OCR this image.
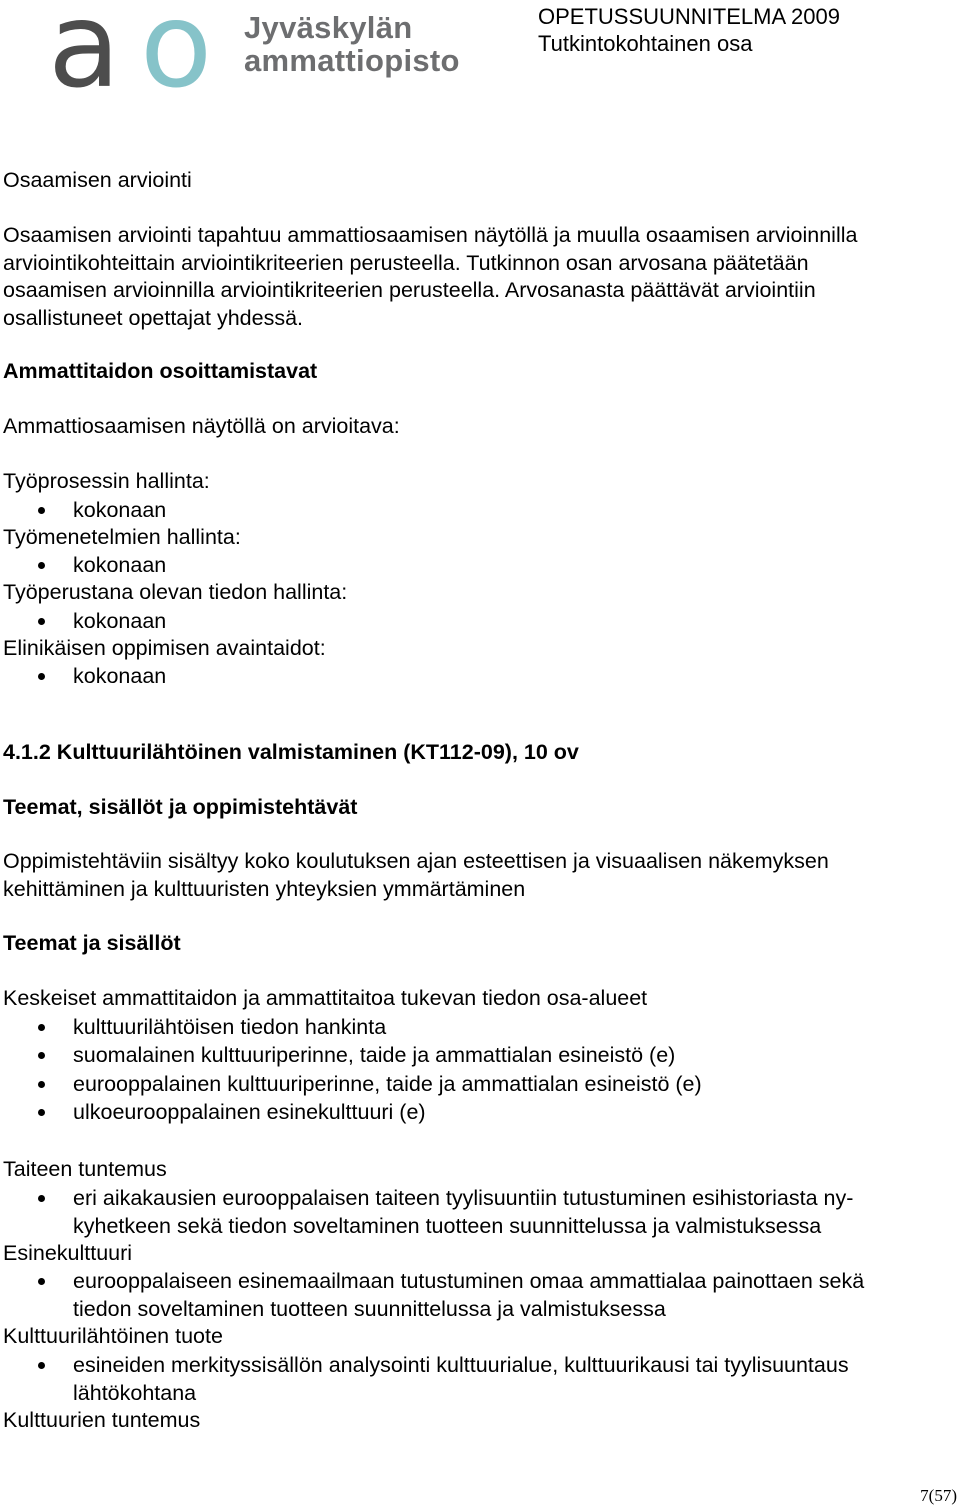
a o Jyväskylän
ammattiopisto
OPETUSSUUNNITELMA 2009
Tutkintokohtainen osa
Osaamisen arviointi
Osaamisen arviointi tapahtuu ammattiosaamisen näytöllä ja muulla osaamisen arvioinnilla
arviointikohteittain arviointikriteerien perusteella. Tutkinnon osan arvosana päätetään
osaamisen arvioinnilla arviointikriteerien perusteella. Arvosanasta päättävät arviointiin
osallistuneet opettajat yhdessä.
Ammattitaidon osoittamistavat
Ammattiosaamisen näytöllä on arvioitava:
Työprosessin hallinta:
kokonaan
Työmenetelmien hallinta:
kokonaan
Työperustana olevan tiedon hallinta:
kokonaan
Elinikäisen oppimisen avaintaidot:
kokonaan
4.1.2 Kulttuurilähtöinen valmistaminen (KT112-09), 10 ov
Teemat, sisällöt ja oppimistehtävät
Oppimistehtäviin sisältyy koko koulutuksen ajan esteettisen ja visuaalisen näkemyksen
kehittäminen ja kulttuuristen yhteyksien ymmärtäminen
Teemat ja sisällöt
Keskeiset ammattitaidon ja ammattitaitoa tukevan tiedon osa-alueet
kulttuurilähtöisen tiedon hankinta
suomalainen kulttuuriperinne, taide ja ammattialan esineistö (e)
eurooppalainen kulttuuriperinne, taide ja ammattialan esineistö (e)
ulkoeurooppalainen esinekulttuuri (e)
Taiteen tuntemus
eri aikakausien eurooppalaisen taiteen tyylisuuntiin tutustuminen esihistoriasta ny-
kyhetkeen sekä tiedon soveltaminen tuotteen suunnittelussa ja valmistuksessa
Esinekulttuuri
eurooppalaiseen esinemaailmaan tutustuminen omaa ammattialaa painottaen sekä
tiedon soveltaminen tuotteen suunnittelussa ja valmistuksessa
Kulttuurilähtöinen tuote
esineiden merkityssisällön analysointi kulttuurialue, kulttuurikausi tai tyylisuuntaus
lähtökohtana
Kulttuurien tuntemus
7(57)
